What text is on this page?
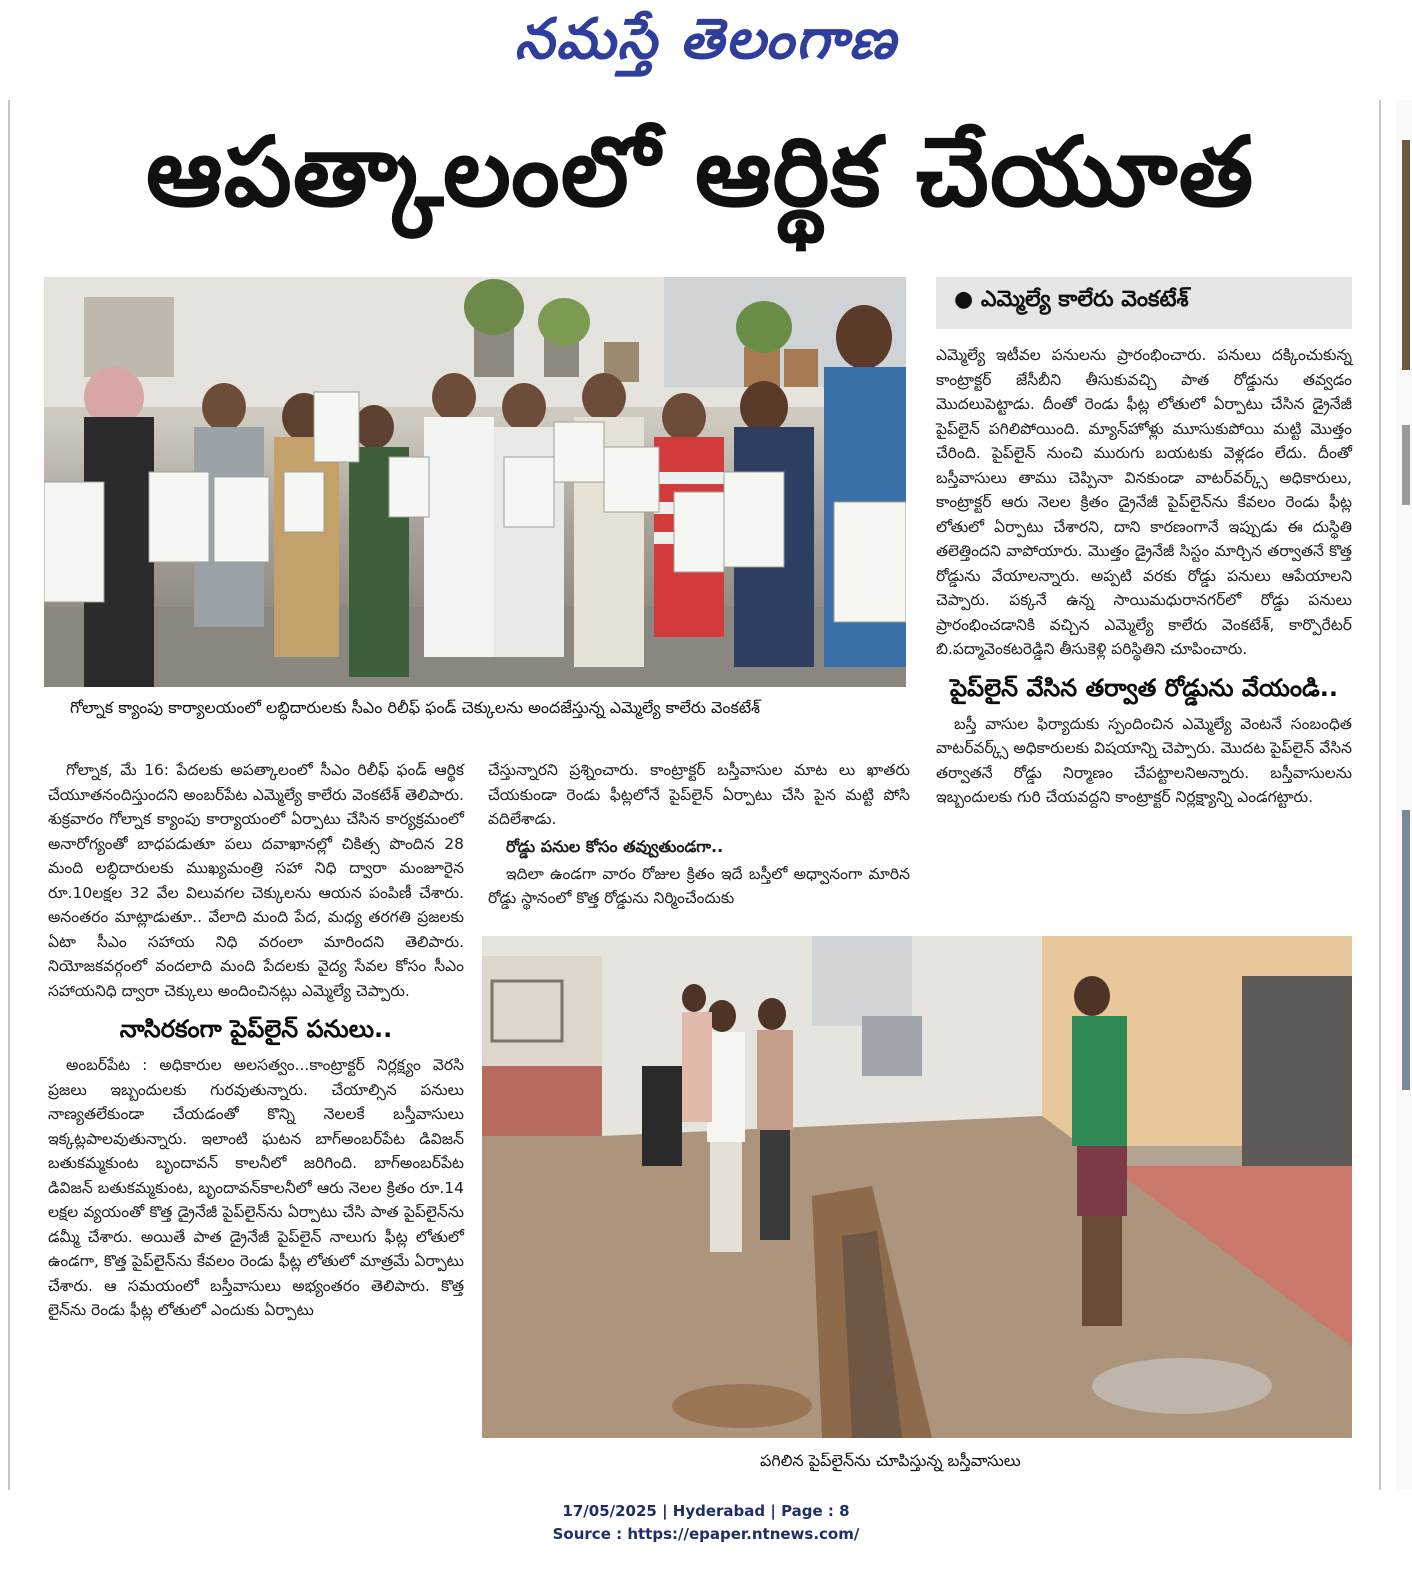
నమస్తే తెలంగాణ
ఆపత్కాలంలో ఆర్థిక చేయూత
గోల్నాక క్యాంపు కార్యాలయంలో లబ్ధిదారులకు సీఎం రిలీఫ్ ఫండ్ చెక్కులను అందజేస్తున్న ఎమ్మెల్యే కాలేరు వెంకటేశ్
● ఎమ్మెల్యే కాలేరు వెంకటేశ్

ఎమ్మెల్యే ఇటీవల పనులను ప్రారంభించారు. పనులు దక్కించుకున్న కాంట్రాక్టర్ జేసీబీని తీసుకువచ్చి పాత రోడ్డును తవ్వడం మొదలుపెట్టాడు. దీంతో రెండు ఫీట్ల లోతులో ఏర్పాటు చేసిన డ్రైనేజీ పైప్‌లైన్ పగిలిపోయింది. మ్యాన్‌హోళ్లు మూసుకుపోయి మట్టి మొత్తం చేరింది. పైప్‌లైన్ నుంచి మురుగు బయటకు వెళ్లడం లేదు. దీంతో బస్తీవాసులు తాము చెప్పినా వినకుండా వాటర్‌వర్క్స్ అధికారులు, కాంట్రాక్టర్ ఆరు నెలల క్రితం డ్రైనేజీ పైప్‌లైన్‌ను కేవలం రెండు ఫీట్ల లోతులో ఏర్పాటు చేశారని, దాని కారణంగానే ఇప్పుడు ఈ దుస్థితి తలెత్తిందని వాపోయారు. మొత్తం డ్రైనేజీ సిస్టం మార్చిన తర్వాతనే కొత్త రోడ్డును వేయాలన్నారు. అప్పటి వరకు రోడ్డు పనులు ఆపేయాలని చెప్పారు. పక్కనే ఉన్న సాయిమధురానగర్‌లో రోడ్డు పనులు ప్రారంభించడానికి వచ్చిన ఎమ్మెల్యే కాలేరు వెంకటేశ్, కార్పొరేటర్ బి.పద్మావెంకటరెడ్డిని తీసుకెళ్లి పరిస్థితిని చూపించారు.

పైప్‌లైన్ వేసిన తర్వాత రోడ్డును వేయండి..

బస్తీ వాసుల ఫిర్యాదుకు స్పందించిన ఎమ్మెల్యే వెంటనే సంబంధిత వాటర్‌వర్క్స్ అధికారులకు విషయాన్ని చెప్పారు. మొదట పైప్‌లైన్ వేసిన తర్వాతనే రోడ్డు నిర్మాణం చేపట్టాలనిఅన్నారు. బస్తీవాసులను ఇబ్బందులకు గురి చేయవద్దని కాంట్రాక్టర్ నిర్లక్ష్యాన్ని ఎండగట్టారు.

గోల్నాక, మే 16: పేదలకు అపత్కాలంలో సీఎం రిలీఫ్ ఫండ్ ఆర్థిక చేయూతనందిస్తుందని అంబర్‌పేట ఎమ్మెల్యే కాలేరు వెంకటేశ్ తెలిపారు. శుక్రవారం గోల్నాక క్యాంపు కార్యాయంలో ఏర్పాటు చేసిన కార్యక్రమంలో అనారోగ్యంతో బాధపడుతూ పలు దవాఖానల్లో చికిత్స పొందిన 28 మంది లబ్ధిదారులకు ముఖ్యమంత్రి సహా నిధి ద్వారా మంజూరైన రూ.10లక్షల 32 వేల విలువగల చెక్కులను ఆయన పంపిణీ చేశారు. అనంతరం మాట్లాడుతూ.. వేలాది మంది పేద, మధ్య తరగతి ప్రజలకు ఏటా సీఎం సహాయ నిధి వరంలా మారిందని తెలిపారు. నియోజకవర్గంలో వందలాది మంది పేదలకు వైద్య సేవల కోసం సీఎం సహాయనిధి ద్వారా చెక్కులు అందించినట్లు ఎమ్మెల్యే చెప్పారు.

నాసిరకంగా పైప్‌లైన్ పనులు..

అంబర్‌పేట : అధికారుల అలసత్వం...కాంట్రాక్టర్ నిర్లక్ష్యం వెరసి ప్రజలు ఇబ్బందులకు గురవుతున్నారు. చేయాల్సిన పనులు నాణ్యతలేకుండా చేయడంతో కొన్ని నెలలకే బస్తీవాసులు ఇక్కట్లపాలవుతున్నారు. ఇలాంటి ఘటన బాగ్‌అంబర్‌పేట డివిజన్ బతుకమ్మకుంట బృందావన్ కాలనీలో జరిగింది. బాగ్‌అంబర్‌పేట డివిజన్ బతుకమ్మకుంట, బృందావన్‌కాలనీలో ఆరు నెలల క్రితం రూ.14 లక్షల వ్యయంతో కొత్త డ్రైనేజీ పైప్‌లైన్‌ను ఏర్పాటు చేసి పాత పైప్‌లైన్‌ను డమ్మీ చేశారు. అయితే పాత డ్రైనేజీ పైప్‌లైన్ నాలుగు ఫీట్ల లోతులో ఉండగా, కొత్త పైప్‌లైన్‌ను కేవలం రెండు ఫీట్ల లోతులో మాత్రమే ఏర్పాటు చేశారు. ఆ సమయంలో బస్తీవాసులు అభ్యంతరం తెలిపారు. కొత్త లైన్‌ను రెండు ఫీట్ల లోతులో ఎందుకు ఏర్పాటు

చేస్తున్నారని ప్రశ్నించారు. కాంట్రాక్టర్ బస్తీవాసుల మాట లు ఖాతరు చేయకుండా రెండు ఫీట్లలోనే పైప్‌లైన్ ఏర్పాటు చేసి పైన మట్టి పోసి వదిలేశాడు.

రోడ్డు పనుల కోసం తవ్వుతుండగా..

ఇదిలా ఉండగా వారం రోజుల క్రితం ఇదే బస్తీలో అధ్వానంగా మారిన రోడ్డు స్థానంలో కొత్త రోడ్డును నిర్మించేందుకు

పగిలిన పైప్‌లైన్‌ను చూపిస్తున్న బస్తీవాసులు
17/05/2025 | Hyderabad | Page : 8
Source : https://epaper.ntnews.com/
